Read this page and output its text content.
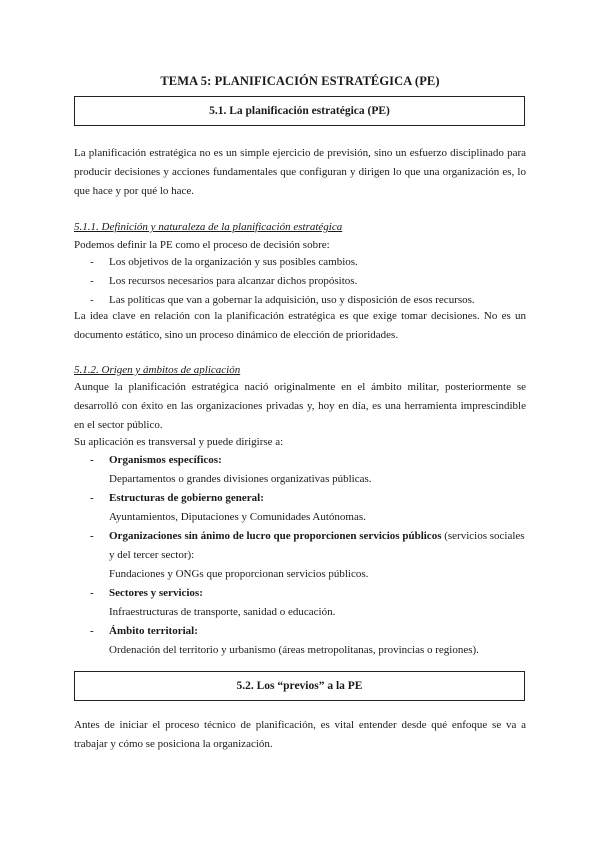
TEMA 5: PLANIFICACIÓN ESTRATÉGICA (PE)
5.1. La planificación estratégica (PE)

La planificación estratégica no es un simple ejercicio de previsión, sino un esfuerzo disciplinado para producir decisiones y acciones fundamentales que configuran y dirigen lo que una organización es, lo que hace y por qué lo hace.

5.1.1. Definición y naturaleza de la planificación estratégica

Podemos definir la PE como el proceso de decisión sobre:

- Los objetivos de la organización y sus posibles cambios.
- Los recursos necesarios para alcanzar dichos propósitos.
- Las políticas que van a gobernar la adquisición, uso y disposición de esos recursos.

La idea clave en relación con la planificación estratégica es que exige tomar decisiones. No es un documento estático, sino un proceso dinámico de elección de prioridades.

5.1.2. Origen y ámbitos de aplicación

Aunque la planificación estratégica nació originalmente en el ámbito militar, posteriormente se desarrolló con éxito en las organizaciones privadas y, hoy en día, es una herramienta imprescindible en el sector público.

Su aplicación es transversal y puede dirigirse a:

- Organismos específicos:
Departamentos o grandes divisiones organizativas públicas.
- Estructuras de gobierno general:
Ayuntamientos, Diputaciones y Comunidades Autónomas.
- Organizaciones sin ánimo de lucro que proporcionen servicios públicos (servicios sociales y del tercer sector):
Fundaciones y ONGs que proporcionan servicios públicos.
- Sectores y servicios:
Infraestructuras de transporte, sanidad o educación.
- Ámbito territorial:
Ordenación del territorio y urbanismo (áreas metropolitanas, provincias o regiones).
5.2. Los “previos” a la PE

Antes de iniciar el proceso técnico de planificación, es vital entender desde qué enfoque se va a trabajar y cómo se posiciona la organización.
